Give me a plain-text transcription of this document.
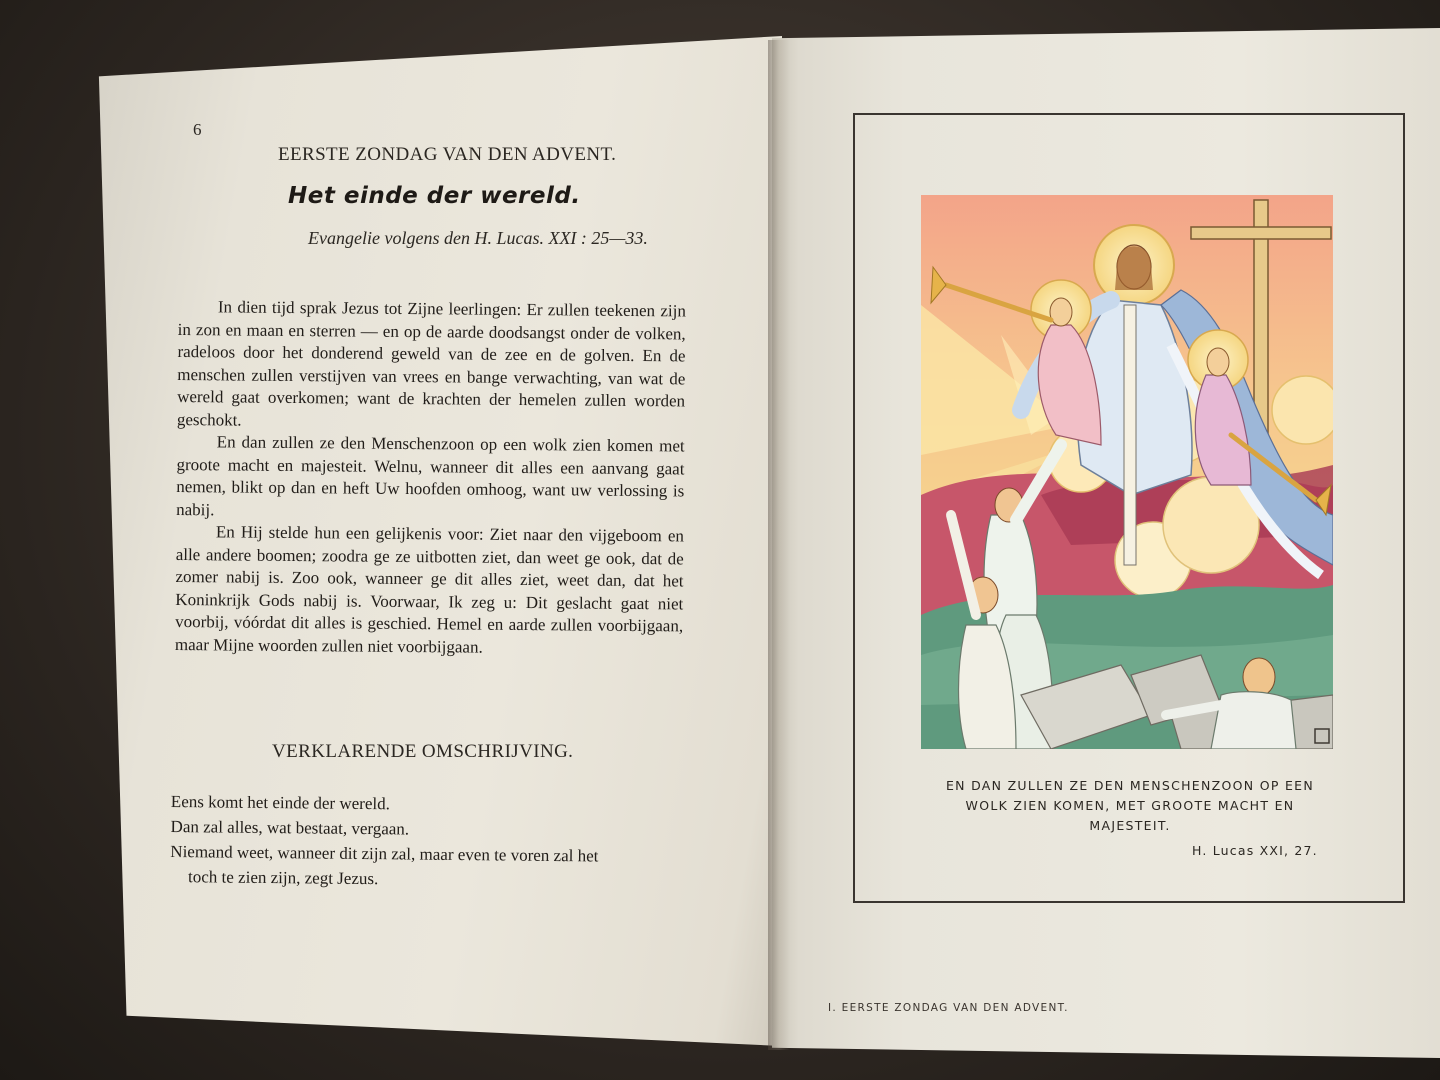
6
EERSTE ZONDAG VAN DEN ADVENT.
Het einde der wereld.
Evangelie volgens den H. Lucas. XXI : 25—33.

In dien tijd sprak Jezus tot Zijne leerlingen: Er zullen teekenen zijn in zon en maan en sterren — en op de aarde doodsangst onder de volken, radeloos door het donderend geweld van de zee en de golven. En de menschen zullen verstijven van vrees en bange verwachting, van wat de wereld gaat overkomen; want de krachten der hemelen zullen worden geschokt.

En dan zullen ze den Menschenzoon op een wolk zien komen met groote macht en majesteit. Welnu, wanneer dit alles een aanvang gaat nemen, blikt op dan en heft Uw hoofden omhoog, want uw verlossing is nabij.

En Hij stelde hun een gelijkenis voor: Ziet naar den vijgeboom en alle andere boomen; zoodra ge ze uitbotten ziet, dan weet ge ook, dat de zomer nabij is. Zoo ook, wanneer ge dit alles ziet, weet dan, dat het Koninkrijk Gods nabij is. Voorwaar, Ik zeg u: Dit geslacht gaat niet voorbij, vóórdat dit alles is geschied. Hemel en aarde zullen voorbijgaan, maar Mijne woorden zullen niet voorbijgaan.

VERKLARENDE OMSCHRIJVING.
Eens komt het einde der wereld.
Dan zal alles, wat bestaat, vergaan.
Niemand weet, wanneer dit zijn zal, maar even te voren zal het
toch te zien zijn, zegt Jezus.
EN DAN ZULLEN ZE DEN MENSCHENZOON OP EEN
WOLK ZIEN KOMEN, MET GROOTE MACHT EN
MAJESTEIT.
H. Lucas XXI, 27.
I. EERSTE ZONDAG VAN DEN ADVENT.
